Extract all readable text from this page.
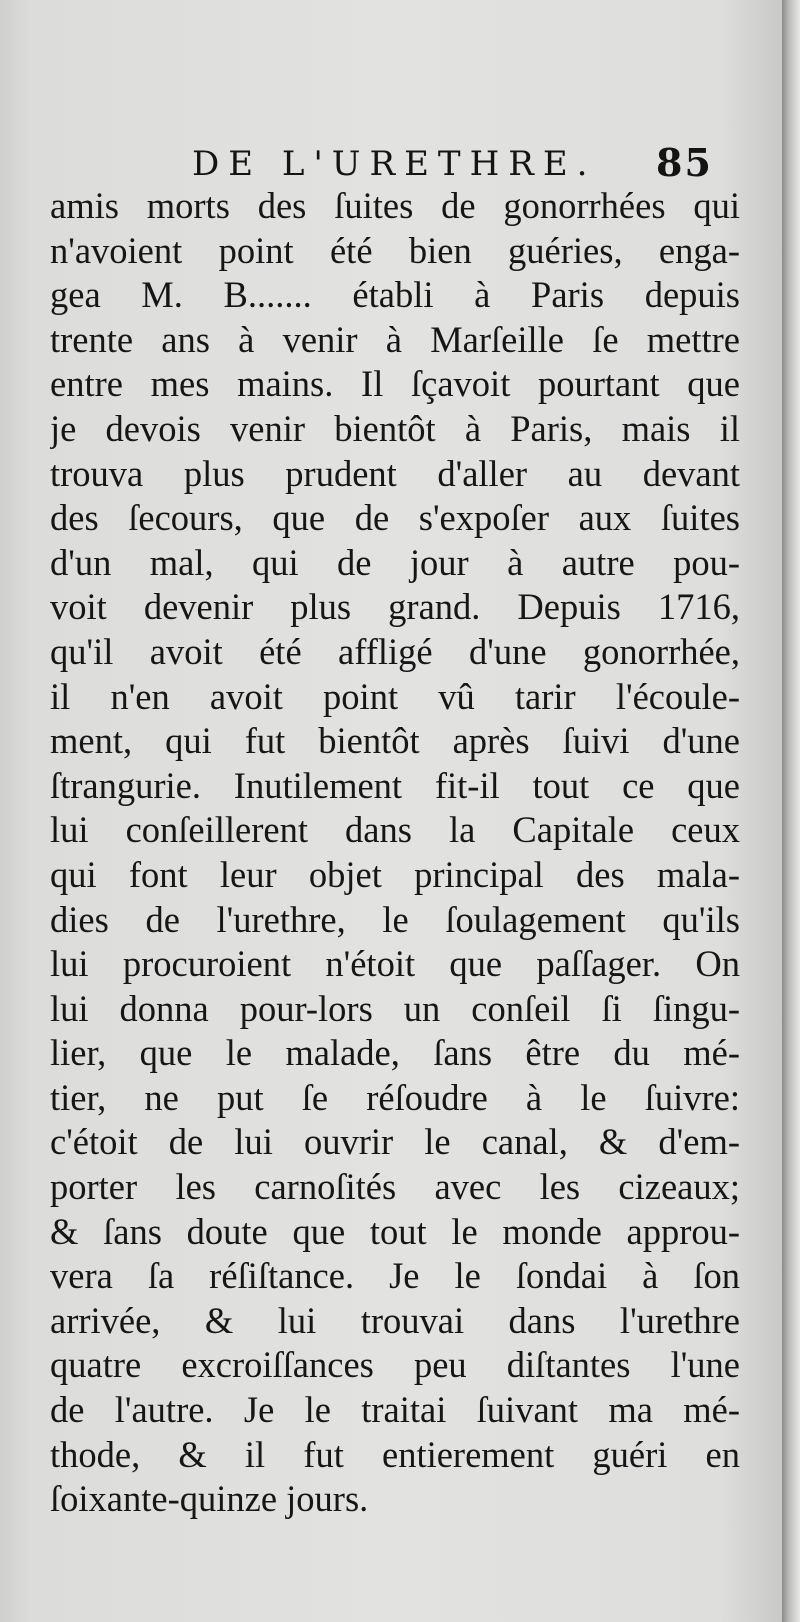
DE L'URETHRE. 85
amis morts des ſuites de gonorrhées qui
n'avoient point été bien guéries, enga-
gea M. B....... établi à Paris depuis
trente ans à venir à Marſeille ſe mettre
entre mes mains. Il ſçavoit pourtant que
je devois venir bientôt à Paris, mais il
trouva plus prudent d'aller au devant
des ſecours, que de s'expoſer aux ſuites
d'un mal, qui de jour à autre pou-
voit devenir plus grand. Depuis 1716,
qu'il avoit été affligé d'une gonorrhée,
il n'en avoit point vû tarir l'écoule-
ment, qui fut bientôt après ſuivi d'une
ſtrangurie. Inutilement fit-il tout ce que
lui conſeillerent dans la Capitale ceux
qui font leur objet principal des mala-
dies de l'urethre, le ſoulagement qu'ils
lui procuroient n'étoit que paſſager. On
lui donna pour-lors un conſeil ſi ſingu-
lier, que le malade, ſans être du mé-
tier, ne put ſe réſoudre à le ſuivre:
c'étoit de lui ouvrir le canal, & d'em-
porter les carnoſités avec les cizeaux;
& ſans doute que tout le monde approu-
vera ſa réſiſtance. Je le ſondai à ſon
arrivée, & lui trouvai dans l'urethre
quatre excroiſſances peu diſtantes l'une
de l'autre. Je le traitai ſuivant ma mé-
thode, & il fut entierement guéri en
ſoixante-quinze jours.
